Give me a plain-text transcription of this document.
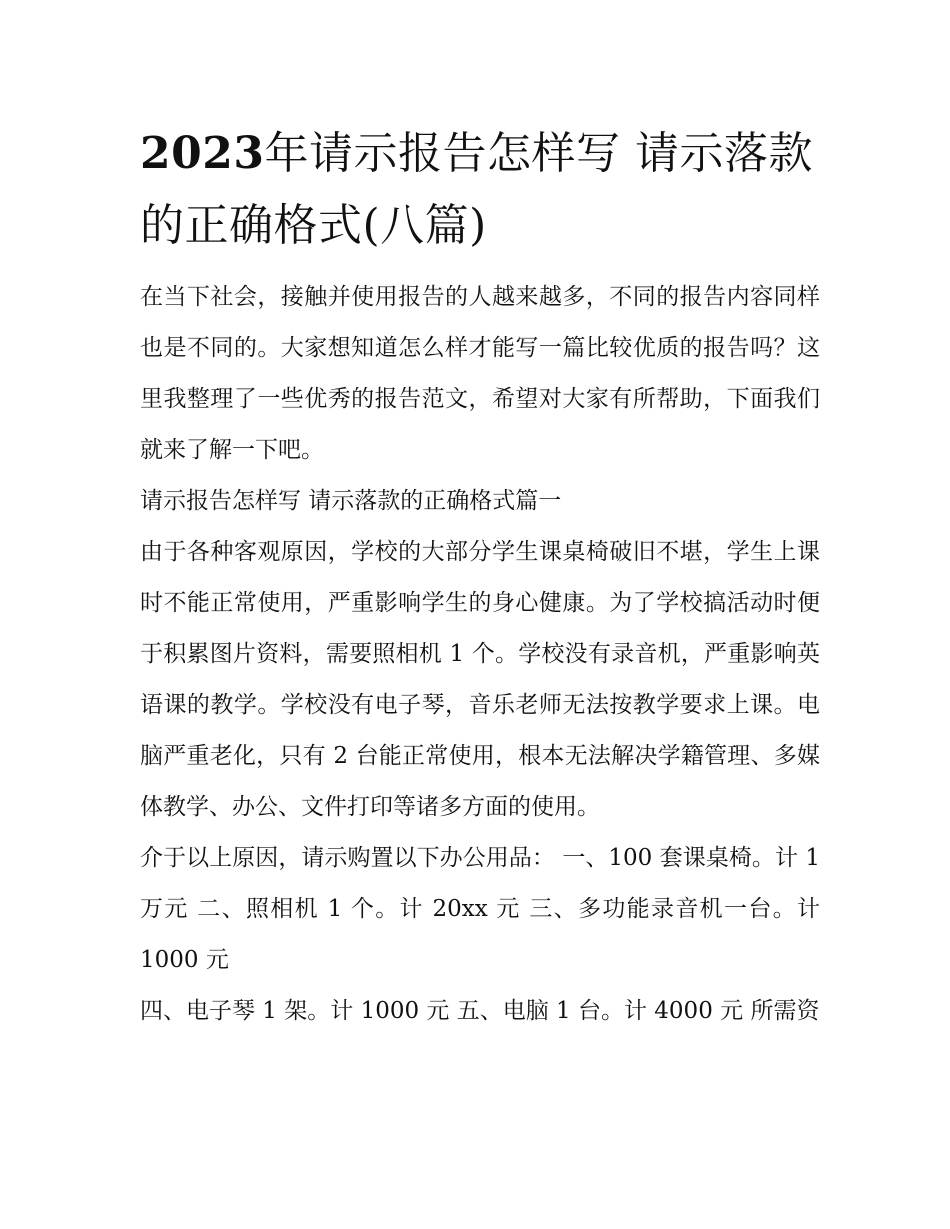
2023年请示报告怎样写 请示落款的正确格式(八篇)

在当下社会，接触并使用报告的人越来越多，不同的报告内容同样也是不同的。大家想知道怎么样才能写一篇比较优质的报告吗？这里我整理了一些优秀的报告范文，希望对大家有所帮助，下面我们就来了解一下吧。

请示报告怎样写 请示落款的正确格式篇一

由于各种客观原因，学校的大部分学生课桌椅破旧不堪，学生上课时不能正常使用，严重影响学生的身心健康。为了学校搞活动时便于积累图片资料，需要照相机 1 个。学校没有录音机，严重影响英语课的教学。学校没有电子琴，音乐老师无法按教学要求上课。电脑严重老化，只有 2 台能正常使用，根本无法解决学籍管理、多媒体教学、办公、文件打印等诸多方面的使用。

介于以上原因，请示购置以下办公用品： 一、100 套课桌椅。计 1 万元 二、照相机 1 个。计 20xx 元 三、多功能录音机一台。计 1000 元

四、电子琴 1 架。计 1000 元 五、电脑 1 台。计 4000 元 所需资
